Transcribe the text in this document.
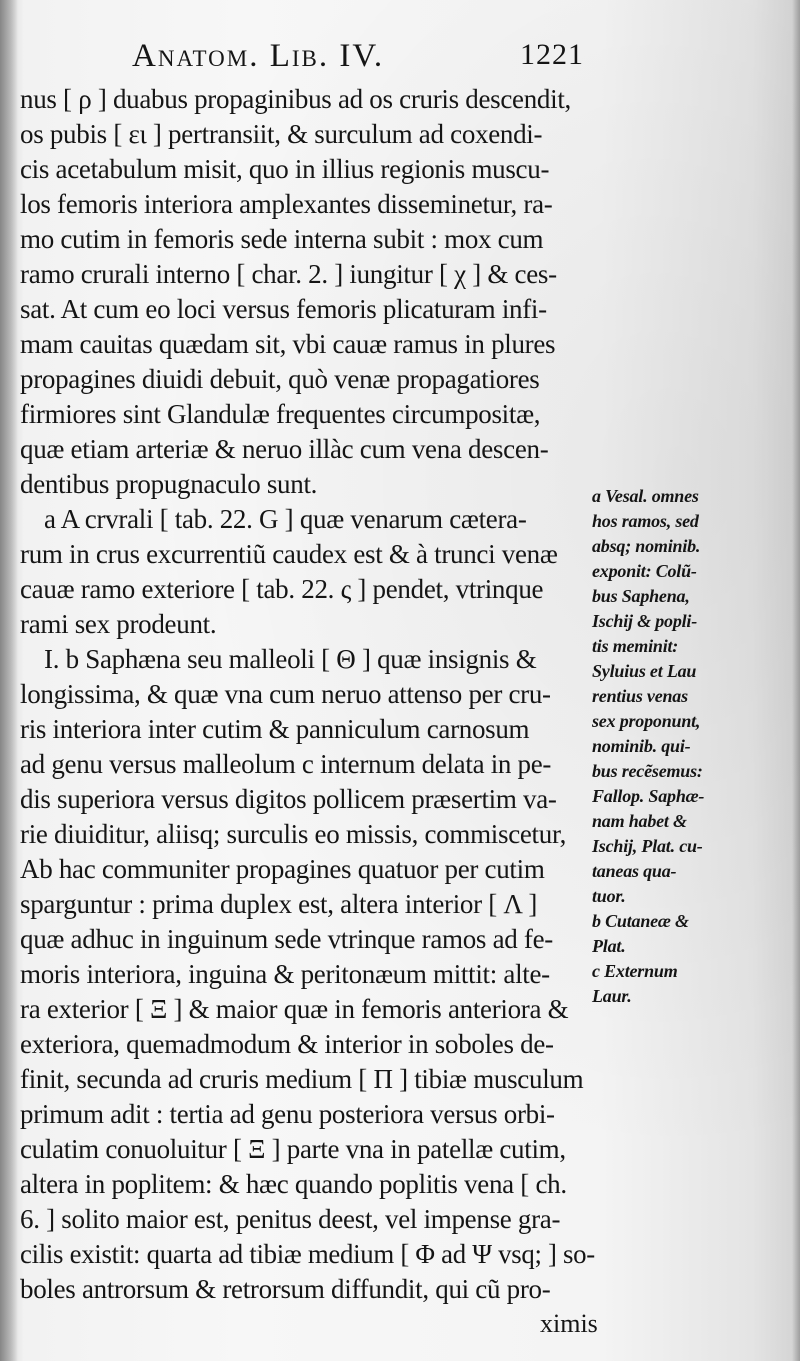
Anatom. Lib. IV.	1221
nus [ ρ ] duabus propaginibus ad os cruris descendit,
os pubis [ ει ] pertransiit, & surculum ad coxendi-
cis acetabulum misit, quo in illius regionis muscu-
los femoris interiora amplexantes disseminetur, ra-
mo cutim in femoris sede interna subit : mox cum
ramo crurali interno [ char. 2. ] iungitur [ χ ] & ces-
sat. At cum eo loci versus femoris plicaturam infi-
mam cauitas quædam sit, vbi cauæ ramus in plures
propagines diuidi debuit, quò venæ propagatiores
firmiores sint Glandulæ frequentes circumpositæ,
quæ etiam arteriæ & neruo illàc cum vena descen-
dentibus propugnaculo sunt.
a A crvrali [ tab. 22. G ] quæ venarum cætera-
rum in crus excurrentiũ caudex est & à trunci venæ
cauæ ramo exteriore [ tab. 22. ς ] pendet, vtrinque
rami sex prodeunt.
I. b Saphæna seu malleoli [ Θ ] quæ insignis &
longissima, & quæ vna cum neruo attenso per cru-
ris interiora inter cutim & panniculum carnosum
ad genu versus malleolum c internum delata in pe-
dis superiora versus digitos pollicem præsertim va-
rie diuiditur, aliisq; surculis eo missis, commiscetur,
Ab hac communiter propagines quatuor per cutim
sparguntur : prima duplex est, altera interior [ Λ ]
quæ adhuc in inguinum sede vtrinque ramos ad fe-
moris interiora, inguina & peritonæum mittit: alte-
ra exterior [ Ξ ] & maior quæ in femoris anteriora &
exteriora, quemadmodum & interior in soboles de-
finit, secunda ad cruris medium [ Π ] tibiæ musculum
primum adit : tertia ad genu posteriora versus orbi-
culatim conuoluitur [ Ξ ] parte vna in patellæ cutim,
altera in poplitem: & hæc quando poplitis vena [ ch.
6. ] solito maior est, penitus deest, vel impense gra-
cilis existit: quarta ad tibiæ medium [ Φ ad Ψ vsq; ] so-
boles antrorsum & retrorsum diffundit, qui cũ pro-
ximis
a Vesal. omnes
hos ramos, sed
absq; nominib.
exponit: Colũ-
bus Saphena,
Ischij & popli-
tis meminit:
Syluius et Lau
rentius venas
sex proponunt,
nominib. qui-
bus recẽsemus:
Fallop. Saphæ-
nam habet &
Ischij, Plat. cu-
taneas qua-
tuor.
b Cutaneæ &
Plat.
c Externum
Laur.
